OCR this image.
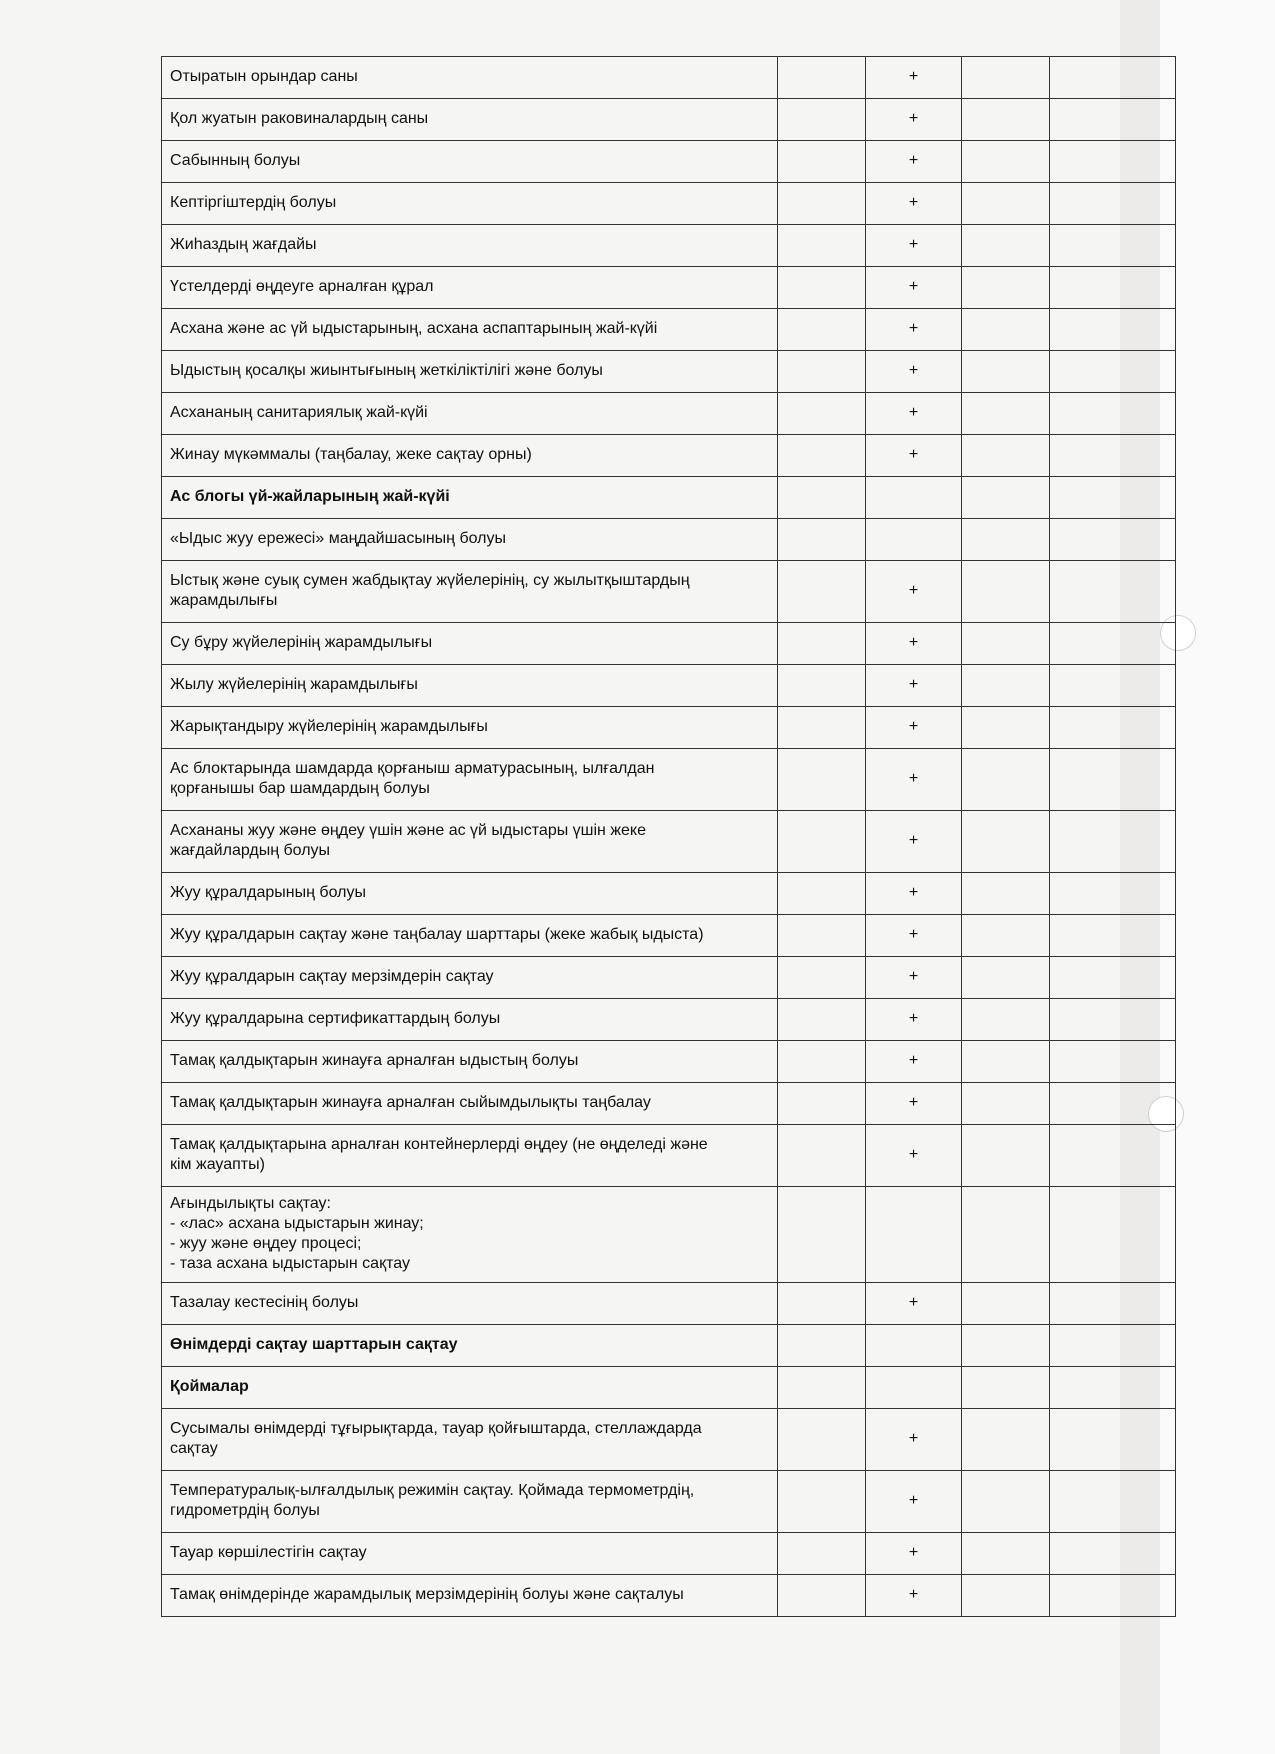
Отыратын орындар саны		+		
Қол жуатын раковиналардың саны		+		
Сабынның болуы		+		
Кептіргіштердің болуы		+		
Жиһаздың жағдайы		+		
Үстелдерді өңдеуге арналған құрал		+		
Асхана және ас үй ыдыстарының, асхана аспаптарының жай-күйі		+		
Ыдыстың қосалқы жиынтығының жеткіліктілігі және болуы		+		
Асхананың санитариялық жай-күйі		+		
Жинау мүкәммалы (таңбалау, жеке сақтау орны)		+		
Ас блогы үй-жайларының жай-күйі				
«Ыдыс жуу ережесі» маңдайшасының болуы				
Ыстық және суық сумен жабдықтау жүйелерінің, су жылытқыштардың
жарамдылығы		+		
Су бұру жүйелерінің жарамдылығы		+		
Жылу жүйелерінің жарамдылығы		+		
Жарықтандыру жүйелерінің жарамдылығы		+		
Ас блоктарында шамдарда қорғаныш арматурасының, ылғалдан
қорғанышы бар шамдардың болуы		+		
Асхананы жуу және өңдеу үшін және ас үй ыдыстары үшін жеке
жағдайлардың болуы		+		
Жуу құралдарының болуы		+		
Жуу құралдарын сақтау және таңбалау шарттары (жеке жабық ыдыста)		+		
Жуу құралдарын сақтау мерзімдерін сақтау		+		
Жуу құралдарына сертификаттардың болуы		+		
Тамақ қалдықтарын жинауға арналған ыдыстың болуы		+		
Тамақ қалдықтарын жинауға арналған сыйымдылықты таңбалау		+		
Тамақ қалдықтарына арналған контейнерлерді өңдеу (не өңделеді және
кім жауапты)		+		
Ағындылықты сақтау:
- «лас» асхана ыдыстарын жинау;
- жуу және өңдеу процесі;
- таза асхана ыдыстарын сақтау				
Тазалау кестесінің болуы		+		
Өнімдерді сақтау шарттарын сақтау				
Қоймалар				
Сусымалы өнімдерді тұғырықтарда, тауар қойғыштарда, стеллаждарда
сақтау		+		
Температуралық-ылғалдылық режимін сақтау. Қоймада термометрдің,
гидрометрдің болуы		+		
Тауар көршілестігін сақтау		+		
Тамақ өнімдерінде жарамдылық мерзімдерінің болуы және сақталуы		+		
